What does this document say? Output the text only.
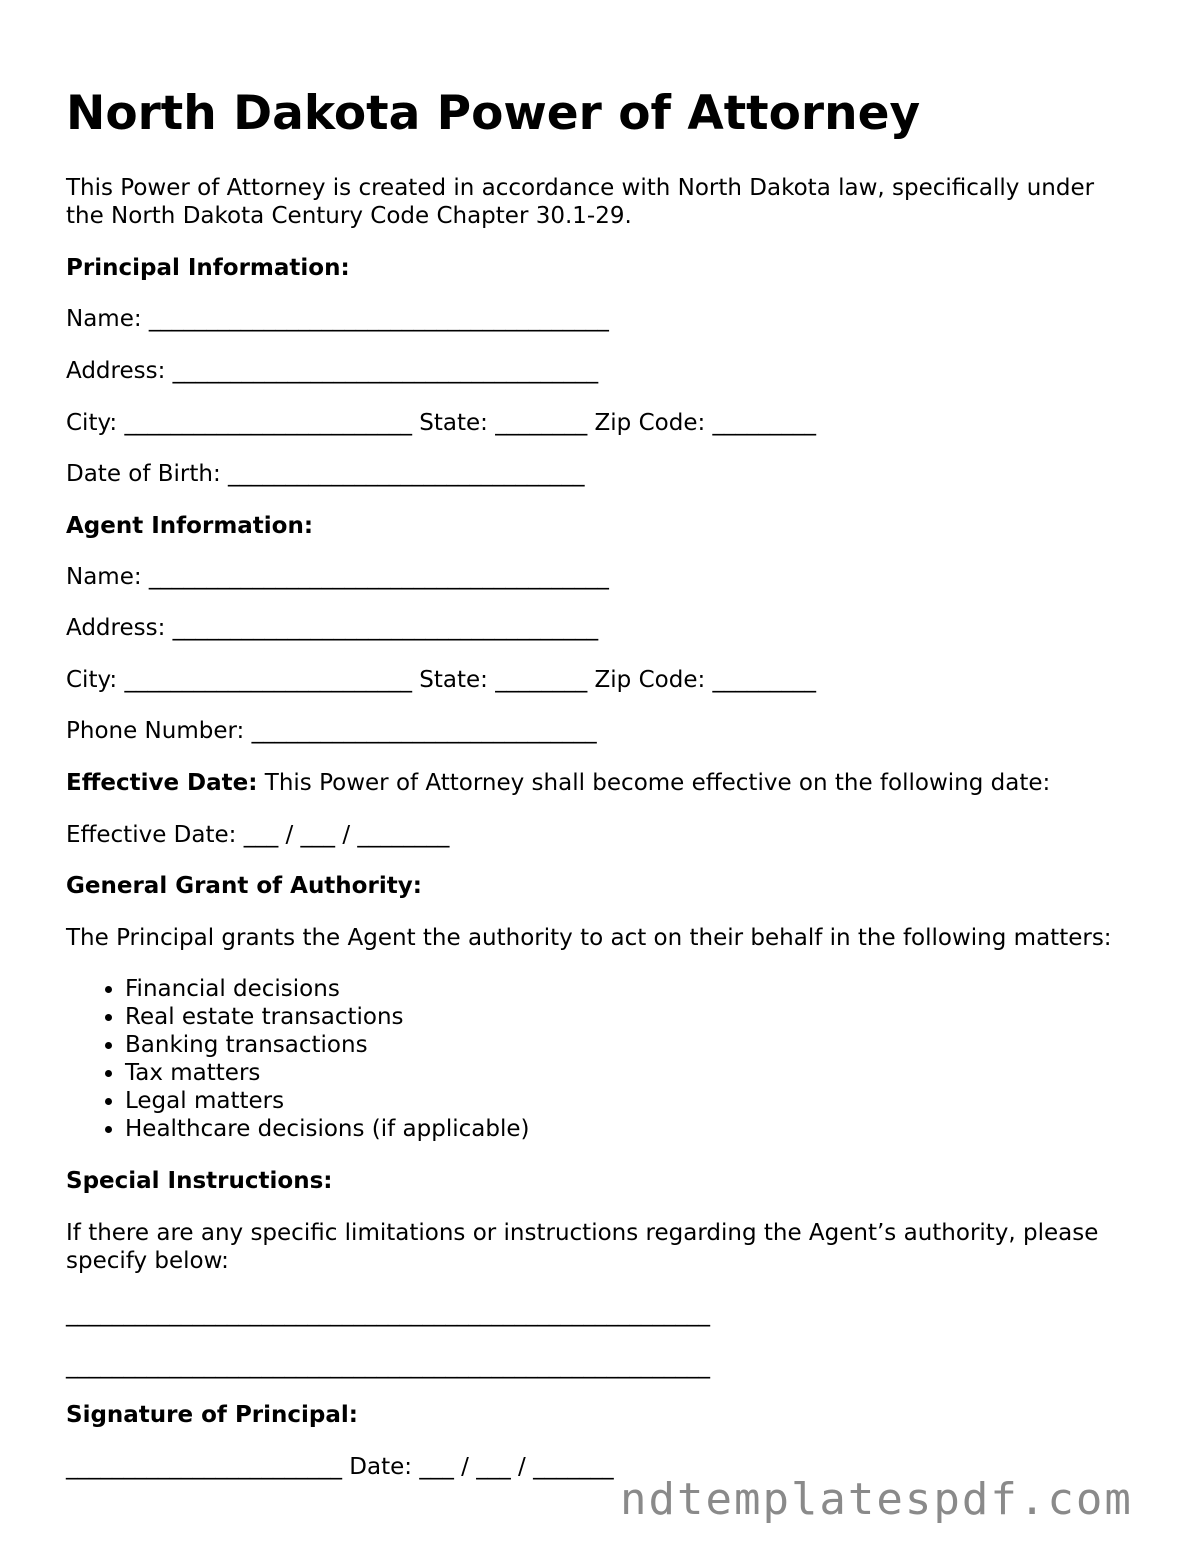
North Dakota Power of Attorney
This Power of Attorney is created in accordance with North Dakota law, specifically under the North Dakota Century Code Chapter 30.1-29.
Principal Information:
Name: ________________________________________
Address: _____________________________________
City: _________________________ State: ________ Zip Code: _________
Date of Birth: _______________________________
Agent Information:
Name: ________________________________________
Address: _____________________________________
City: _________________________ State: ________ Zip Code: _________
Phone Number: ______________________________
Effective Date: This Power of Attorney shall become effective on the following date:
Effective Date: ___ / ___ / ________
General Grant of Authority:
The Principal grants the Agent the authority to act on their behalf in the following matters:
• Financial decisions
• Real estate transactions
• Banking transactions
• Tax matters
• Legal matters
• Healthcare decisions (if applicable)
Special Instructions:
If there are any specific limitations or instructions regarding the Agent’s authority, please specify below:
________________________________________________________
________________________________________________________
Signature of Principal:
________________________ Date: ___ / ___ / _______
ndtemplatespdf.com
